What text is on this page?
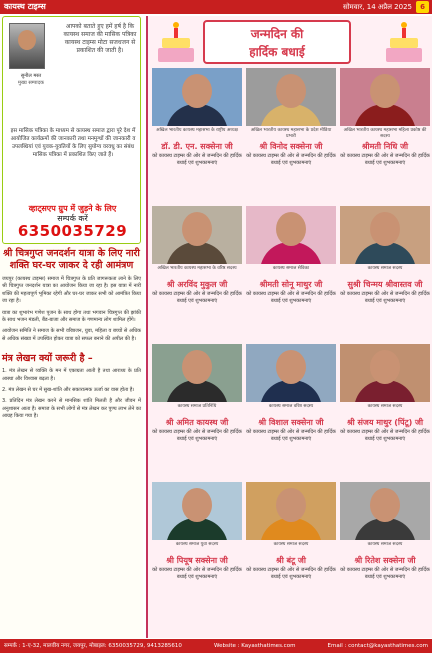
कायस्थ टाइम्स	सोमवार, 14 अप्रैल 2025	6
सुनील मस्त
मुख्य सम्पादक
आपको बताते हुए हमें हर्ष है कि कायस्थ समाज की मासिक पत्रिका कायस्थ टाइम्स मोटा सजधजन से प्रकाशित की जाती है।
इस मासिक पत्रिका के माध्यम से कायस्थ समाज द्वारा पूरे देश में आयोजित कार्यक्रमों की जानकारी तथा मनमुग्धों की जानकारी व उपलब्धियां एवं युवक-युवतियों के लिए सुयोग्य वरवधु का संबंध मासिक पत्रिका में प्रकाशित किए जाते हैं।
व्हाट्सएप ग्रुप में जुड़ने के लिए
सम्पर्क करें
6350035729
श्री चित्रगुप्त जनदर्शन यात्रा के लिए नारी शक्ति घर-घर जाकर दे रही आमंत्रण
जयपुर (कायस्थ टाइम्स) समाज में चित्रगुप्त के प्रति जागरूकता लाने के लिए श्री चित्रगुप्त जनदर्शन यात्रा का आयोजन किया जा रहा है। इस यात्रा में नारी शक्ति की महत्वपूर्ण भूमिका रहेगी और घर-घर जाकर सभी को आमंत्रित किया जा रहा है।
यात्रा का शुभारंभ गणेश पूजन के साथ होगा तथा भगवान चित्रगुप्त की झांकी के साथ भजन मंडली, बैंड-बाजा और समाज के गणमान्य लोग शामिल होंगे।
आयोजन समिति ने समाज के सभी वरिष्ठजन, युवा, महिला व बच्चों से अधिक से अधिक संख्या में उपस्थित होकर यात्रा को सफल बनाने की अपील की है।
मंत्र लेखन क्यों जरूरी है –
1. मंत्र लेखन से व्यक्ति के मन में एकाग्रता आती है तथा आराध्य के प्रति आस्था और विश्वास बढ़ता है।
2. मंत्र लेखन से घर में सुख-शांति और सकारात्मक ऊर्जा का वास होता है।
3. प्रतिदिन मंत्र लेखन करने से मानसिक शांति मिलती है और जीवन में अनुशासन आता है। समाज के सभी लोगों से मंत्र लेखन कर पुण्य लाभ लेने का आग्रह किया गया है।
जन्मदिन की
हार्दिक बधाई
अखिल भारतीय कायस्थ महासभा के राष्ट्रीय अध्यक्ष
डॉ. डी. एन. सक्सेना जी
को कायस्थ टाइम्स की ओर से जन्मदिन की हार्दिक बधाई एवं शुभकामनाएं
अखिल भारतीय कायस्थ महासभा के प्रदेश मीडिया प्रभारी
श्री विनोद सक्सेना जी
को कायस्थ टाइम्स की ओर से जन्मदिन की हार्दिक बधाई एवं शुभकामनाएं
अखिल भारतीय कायस्थ महासभा महिला प्रकोष्ठ की सदस्य
श्रीमती निधि जी
को कायस्थ टाइम्स की ओर से जन्मदिन की हार्दिक बधाई एवं शुभकामनाएं
अखिल भारतीय कायस्थ महासभा के वरिष्ठ सदस्य
श्री अरविंद मुकुल जी
को कायस्थ टाइम्स की ओर से जन्मदिन की हार्दिक बधाई एवं शुभकामनाएं
कायस्थ समाज सेविका
श्रीमती सोनू माथुर जी
को कायस्थ टाइम्स की ओर से जन्मदिन की हार्दिक बधाई एवं शुभकामनाएं
कायस्थ समाज सदस्य
सुश्री चिन्मय श्रीवास्तव जी
को कायस्थ टाइम्स की ओर से जन्मदिन की हार्दिक बधाई एवं शुभकामनाएं
कायस्थ समाज प्रतिनिधि
श्री अमित कायस्थ जी
को कायस्थ टाइम्स की ओर से जन्मदिन की हार्दिक बधाई एवं शुभकामनाएं
कायस्थ समाज वरिष्ठ सदस्य
श्री विशाल सक्सेना जी
को कायस्थ टाइम्स की ओर से जन्मदिन की हार्दिक बधाई एवं शुभकामनाएं
कायस्थ समाज सदस्य
श्री संजय माथुर (पिंटू) जी
को कायस्थ टाइम्स की ओर से जन्मदिन की हार्दिक बधाई एवं शुभकामनाएं
कायस्थ समाज युवा सदस्य
श्री पियूष सक्सेना जी
को कायस्थ टाइम्स की ओर से जन्मदिन की हार्दिक बधाई एवं शुभकामनाएं
कायस्थ समाज सदस्य
श्री बंटू जी
को कायस्थ टाइम्स की ओर से जन्मदिन की हार्दिक बधाई एवं शुभकामनाएं
कायस्थ समाज सदस्य
श्री रितेश सक्सेना जी
को कायस्थ टाइम्स की ओर से जन्मदिन की हार्दिक बधाई एवं शुभकामनाएं
सम्पर्क : 1-ए-32, मालवीय नगर, जयपुर, मोबाइल: 6350035729, 9413285610	Website : Kayasthatimes.com	Email : contact@kayasthatimes.com
